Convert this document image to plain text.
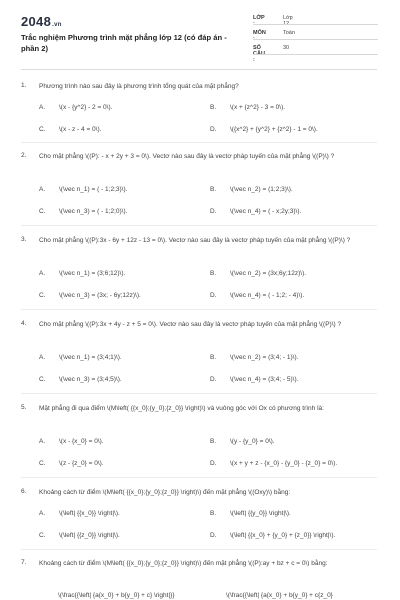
2048.vn
Trắc nghiệm Phương trình mặt phẳng lớp 12 (có đáp án - phần 2)
LỚP :
Lớp 12
MÔN :
Toán
SỐ CÂU :
30
1. Phương trình nào sau đây là phương trình tổng quát của mặt phẳng?
A. \(x - {y^2} - 2 = 0\).	B. \(x + {z^2} - 3 = 0\).
C. \(x - z - 4 = 0\).	D. \({x^2} + {y^2} + {z^2} - 1 = 0\).
2. Cho mặt phẳng \((P): - x + 2y + 3 = 0\). Vectơ nào sau đây là vectơ pháp tuyến của mặt phẳng \((P)\) ?
A. \(\vec n_1) = ( - 1;2;3)\).	B. \(\vec n_2) = (1;2;3)\).
C. \(\vec n_3) = ( - 1;2;0)\).	D. \(\vec n_4) = ( - x;2y;3)\).
3. Cho mặt phẳng \((P):3x - 6y + 12z - 13 = 0\). Vectơ nào sau đây là vectơ pháp tuyến của mặt phẳng \((P)\) ?
A. \(\vec n_1) = (3;6;12)\).	B. \(\vec n_2) = (3x;6y;12z)\).
C. \(\vec n_3) = (3x; - 6y;12z)\).	D. \(\vec n_4) = ( - 1;2; - 4)\).
4. Cho mặt phẳng \((P):3x + 4y - z + 5 = 0\). Vectơ nào sau đây là vectơ pháp tuyến của mặt phẳng \((P)\) ?
A. \(\vec n_1) = (3;4;1)\).	B. \(\vec n_2) = (3;4; - 1)\).
C. \(\vec n_3) = (3;4;5)\).	D. \(\vec n_4) = (3;4; - 5)\).
5. Mặt phẳng đi qua điểm \(M\left( {{x_0};{y_0};{z_0}} \right)\) và vuông góc với Ox có phương trình là:
A. \(x - {x_0} = 0\).	B. \(y - {y_0} = 0\).
C. \(z - {z_0} = 0\).	D. \(x + y + z - {x_0} - {y_0} - {z_0} = 0\).
6. Khoảng cách từ điểm \(M\left( {{x_0};{y_0};{z_0}} \right)\) đến mặt phẳng \((Oxy)\) bằng:
A. \(\left| {{x_0}} \right|\).	B. \(\left| {{y_0}} \right|\).
C. \(\left| {{z_0}} \right|\).	D. \(\left| {{x_0} + {y_0} + {z_0}} \right|\).
7. Khoảng cách từ điểm \(M\left( {{x_0};{y_0};{z_0}} \right)\) đến mặt phẳng \((P):ay + bz + c = 0\) bằng:
\(\frac{{\left| {a{x_0} + b{y_0} + c} \right|}}	\(\frac{{\left| {a{x_0} + b{y_0} + c{z_0}
